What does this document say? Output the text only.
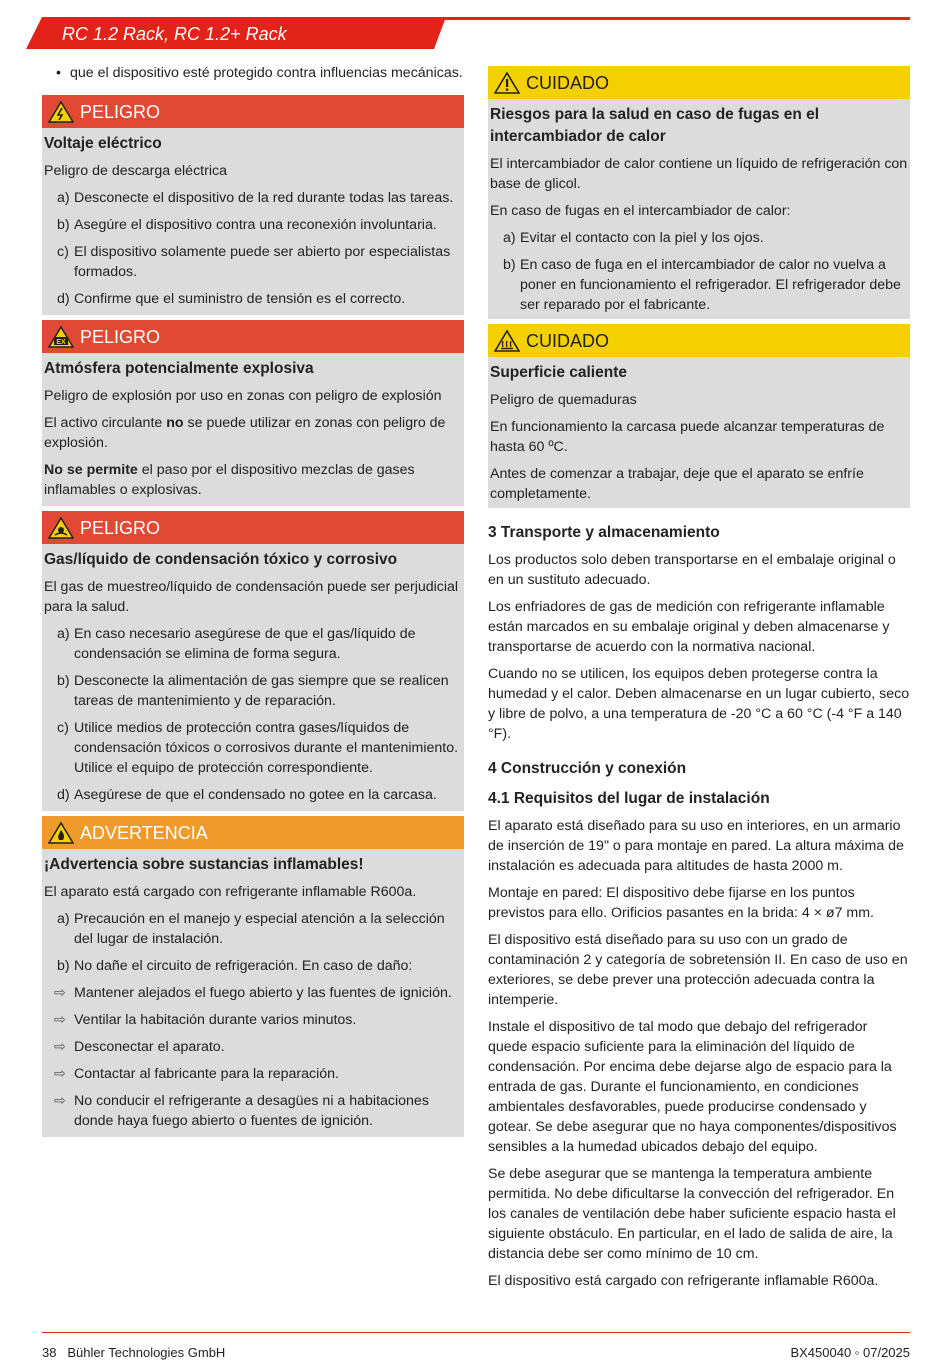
RC 1.2 Rack, RC 1.2+ Rack
• que el dispositivo esté protegido contra influencias mecánicas.
PELIGRO
Voltaje eléctrico

Peligro de descarga eléctrica

a) Desconecte el dispositivo de la red durante todas las tareas.
b) Asegúre el dispositivo contra una reconexión involuntaria.
c) El dispositivo solamente puede ser abierto por especialistas formados.
d) Confirme que el suministro de tensión es el correcto.
EX PELIGRO
Atmósfera potencialmente explosiva

Peligro de explosión por uso en zonas con peligro de explosión

El activo circulante no se puede utilizar en zonas con peligro de explosión.

No se permite el paso por el dispositivo mezclas de gases inflamables o explosivas.

PELIGRO
Gas/líquido de condensación tóxico y corrosivo

El gas de muestreo/líquido de condensación puede ser perjudicial para la salud.

a) En caso necesario asegúrese de que el gas/líquido de condensación se elimina de forma segura.
b) Desconecte la alimentación de gas siempre que se realicen tareas de mantenimiento y de reparación.
c) Utilice medios de protección contra gases/líquidos de condensación tóxicos o corrosivos durante el mantenimiento. Utilice el equipo de protección correspondiente.
d) Asegúrese de que el condensado no gotee en la carcasa.
ADVERTENCIA
¡Advertencia sobre sustancias inflamables!

El aparato está cargado con refrigerante inflamable R600a.

a) Precaución en el manejo y especial atención a la selección del lugar de instalación.
b) No dañe el circuito de refrigeración. En caso de daño:
⇨ Mantener alejados el fuego abierto y las fuentes de ignición.
⇨ Ventilar la habitación durante varios minutos.
⇨ Desconectar el aparato.
⇨ Contactar al fabricante para la reparación.
⇨ No conducir el refrigerante a desagües ni a habitaciones donde haya fuego abierto o fuentes de ignición.
CUIDADO
Riesgos para la salud en caso de fugas en el intercambiador de calor

El intercambiador de calor contiene un líquido de refrigeración con base de glicol.

En caso de fugas en el intercambiador de calor:

a) Evitar el contacto con la piel y los ojos.
b) En caso de fuga en el intercambiador de calor no vuelva a poner en funcionamiento el refrigerador. El refrigerador debe ser reparado por el fabricante.
CUIDADO
Superficie caliente

Peligro de quemaduras

En funcionamiento la carcasa puede alcanzar temperaturas de hasta 60 ºC.

Antes de comenzar a trabajar, deje que el aparato se enfríe completamente.

3 Transporte y almacenamiento

Los productos solo deben transportarse en el embalaje original o en un sustituto adecuado.

Los enfriadores de gas de medición con refrigerante inflamable están marcados en su embalaje original y deben almacenarse y transportarse de acuerdo con la normativa nacional.

Cuando no se utilicen, los equipos deben protegerse contra la humedad y el calor. Deben almacenarse en un lugar cubierto, seco y libre de polvo, a una temperatura de -20 °C a 60 °C (-4 °F a 140 °F).

4 Construcción y conexión
4.1 Requisitos del lugar de instalación

El aparato está diseñado para su uso en interiores, en un armario de inserción de 19" o para montaje en pared. La altura máxima de instalación es adecuada para altitudes de hasta 2000 m.

Montaje en pared: El dispositivo debe fijarse en los puntos previstos para ello. Orificios pasantes en la brida: 4 × ø7 mm.

El dispositivo está diseñado para su uso con un grado de contaminación 2 y categoría de sobretensión II. En caso de uso en exteriores, se debe prever una protección adecuada contra la intemperie.

Instale el dispositivo de tal modo que debajo del refrigerador quede espacio suficiente para la eliminación del líquido de condensación. Por encima debe dejarse algo de espacio para la entrada de gas. Durante el funcionamiento, en condiciones ambientales desfavorables, puede producirse condensado y gotear. Se debe asegurar que no haya componentes/dispositivos sensibles a la humedad ubicados debajo del equipo.

Se debe asegurar que se mantenga la temperatura ambiente permitida. No debe dificultarse la convección del refrigerador. En los canales de ventilación debe haber suficiente espacio hasta el siguiente obstáculo. En particular, en el lado de salida de aire, la distancia debe ser como mínimo de 10 cm.

El dispositivo está cargado con refrigerante inflamable R600a.

38 Bühler Technologies GmbH	BX450040 ◦ 07/2025
